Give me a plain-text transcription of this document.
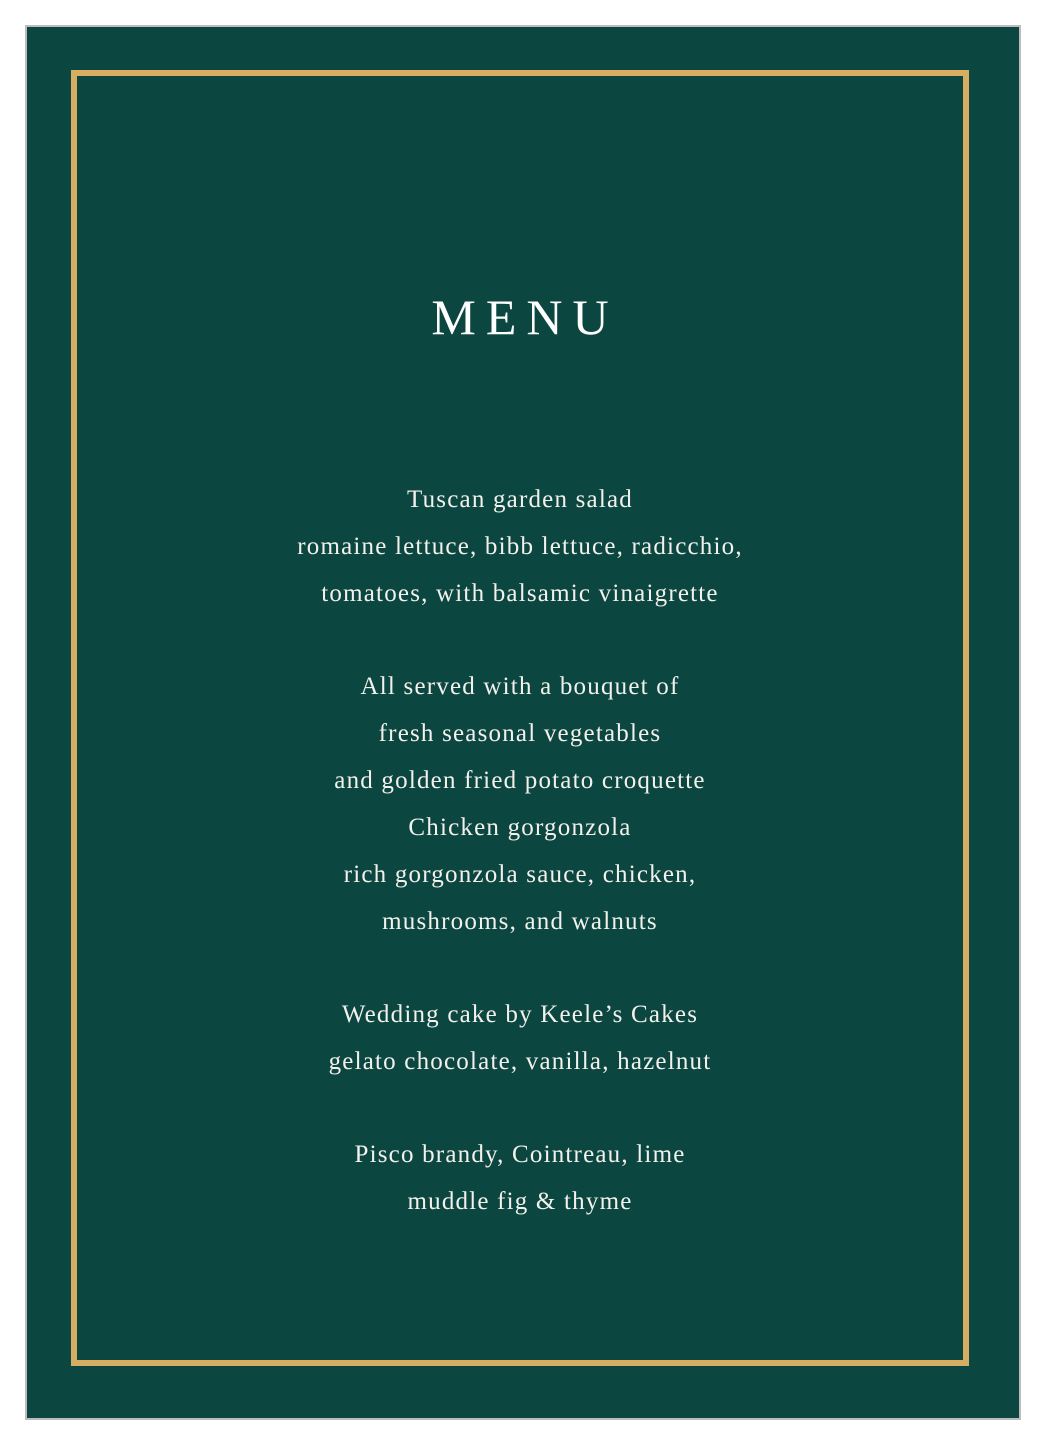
MENU
Tuscan garden salad
romaine lettuce, bibb lettuce, radicchio,
tomatoes, with balsamic vinaigrette
All served with a bouquet of
fresh seasonal vegetables
and golden fried potato croquette
Chicken gorgonzola
rich gorgonzola sauce, chicken,
mushrooms, and walnuts
Wedding cake by Keele’s Cakes
gelato chocolate, vanilla, hazelnut
Pisco brandy, Cointreau, lime
muddle fig & thyme
